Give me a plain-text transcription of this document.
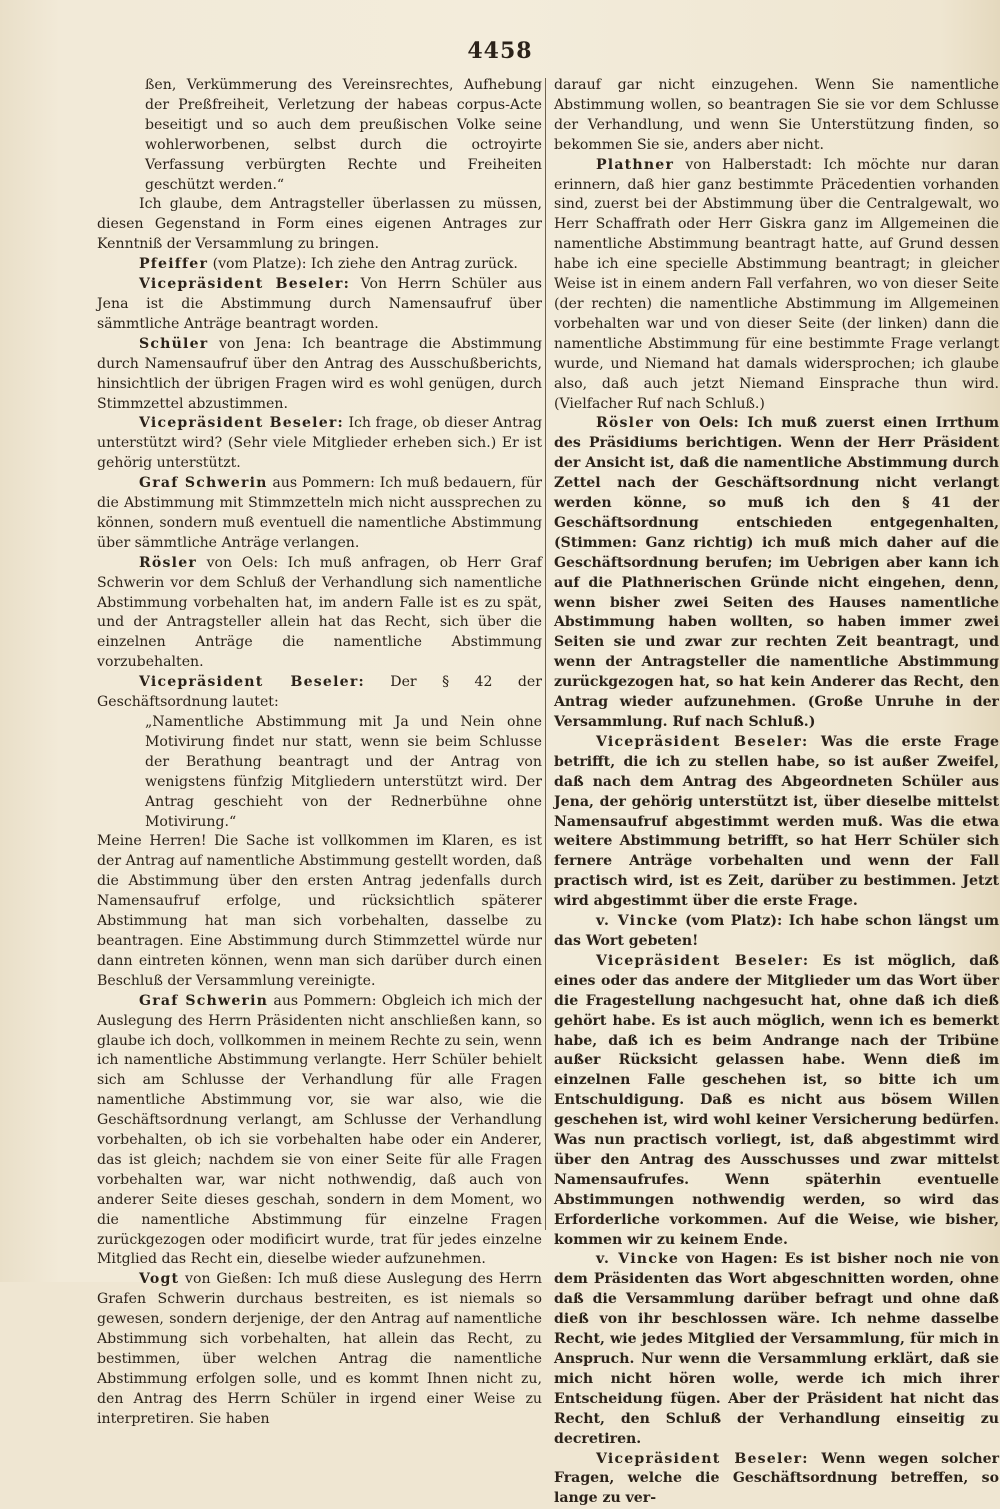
4458

ßen, Verkümmerung des Vereinsrechtes, Aufhebung der Preßfreiheit, Verletzung der habeas corpus-Acte beseitigt und so auch dem preußischen Volke seine wohlerworbenen, selbst durch die octroyirte Verfassung verbürgten Rechte und Freiheiten geschützt werden.“

Ich glaube, dem Antragsteller überlassen zu müssen, diesen Gegenstand in Form eines eigenen Antrages zur Kenntniß der Versammlung zu bringen.

Pfeiffer (vom Platze): Ich ziehe den Antrag zurück.

Vicepräsident Beseler: Von Herrn Schüler aus Jena ist die Abstimmung durch Namensaufruf über sämmtliche Anträge beantragt worden.

Schüler von Jena: Ich beantrage die Abstimmung durch Namensaufruf über den Antrag des Ausschußberichts, hinsichtlich der übrigen Fragen wird es wohl genügen, durch Stimmzettel abzustimmen.

Vicepräsident Beseler: Ich frage, ob dieser Antrag unterstützt wird? (Sehr viele Mitglieder erheben sich.) Er ist gehörig unterstützt.

Graf Schwerin aus Pommern: Ich muß bedauern, für die Abstimmung mit Stimmzetteln mich nicht aussprechen zu können, sondern muß eventuell die namentliche Abstimmung über sämmtliche Anträge verlangen.

Rösler von Oels: Ich muß anfragen, ob Herr Graf Schwerin vor dem Schluß der Verhandlung sich namentliche Abstimmung vorbehalten hat, im andern Falle ist es zu spät, und der Antragsteller allein hat das Recht, sich über die einzelnen Anträge die namentliche Abstimmung vorzubehalten.

Vicepräsident Beseler: Der § 42 der Geschäftsordnung lautet:

„Namentliche Abstimmung mit Ja und Nein ohne Motivirung findet nur statt, wenn sie beim Schlusse der Berathung beantragt und der Antrag von wenigstens fünfzig Mitgliedern unterstützt wird. Der Antrag geschieht von der Rednerbühne ohne Motivirung.“

Meine Herren! Die Sache ist vollkommen im Klaren, es ist der Antrag auf namentliche Abstimmung gestellt worden, daß die Abstimmung über den ersten Antrag jedenfalls durch Namensaufruf erfolge, und rücksichtlich späterer Abstimmung hat man sich vorbehalten, dasselbe zu beantragen. Eine Abstimmung durch Stimmzettel würde nur dann eintreten können, wenn man sich darüber durch einen Beschluß der Versammlung vereinigte.

Graf Schwerin aus Pommern: Obgleich ich mich der Auslegung des Herrn Präsidenten nicht anschließen kann, so glaube ich doch, vollkommen in meinem Rechte zu sein, wenn ich namentliche Abstimmung verlangte. Herr Schüler behielt sich am Schlusse der Verhandlung für alle Fragen namentliche Abstimmung vor, sie war also, wie die Geschäftsordnung verlangt, am Schlusse der Verhandlung vorbehalten, ob ich sie vorbehalten habe oder ein Anderer, das ist gleich; nachdem sie von einer Seite für alle Fragen vorbehalten war, war nicht nothwendig, daß auch von anderer Seite dieses geschah, sondern in dem Moment, wo die namentliche Abstimmung für einzelne Fragen zurückgezogen oder modificirt wurde, trat für jedes einzelne Mitglied das Recht ein, dieselbe wieder aufzunehmen.

Vogt von Gießen: Ich muß diese Auslegung des Herrn Grafen Schwerin durchaus bestreiten, es ist niemals so gewesen, sondern derjenige, der den Antrag auf namentliche Abstimmung sich vorbehalten, hat allein das Recht, zu bestimmen, über welchen Antrag die namentliche Abstimmung erfolgen solle, und es kommt Ihnen nicht zu, den Antrag des Herrn Schüler in irgend einer Weise zu interpretiren. Sie haben

darauf gar nicht einzugehen. Wenn Sie namentliche Abstimmung wollen, so beantragen Sie sie vor dem Schlusse der Verhandlung, und wenn Sie Unterstützung finden, so bekommen Sie sie, anders aber nicht.

Plathner von Halberstadt: Ich möchte nur daran erinnern, daß hier ganz bestimmte Präcedentien vorhanden sind, zuerst bei der Abstimmung über die Centralgewalt, wo Herr Schaffrath oder Herr Giskra ganz im Allgemeinen die namentliche Abstimmung beantragt hatte, auf Grund dessen habe ich eine specielle Abstimmung beantragt; in gleicher Weise ist in einem andern Fall verfahren, wo von dieser Seite (der rechten) die namentliche Abstimmung im Allgemeinen vorbehalten war und von dieser Seite (der linken) dann die namentliche Abstimmung für eine bestimmte Frage verlangt wurde, und Niemand hat damals widersprochen; ich glaube also, daß auch jetzt Niemand Einsprache thun wird. (Vielfacher Ruf nach Schluß.)

Rösler von Oels: Ich muß zuerst einen Irrthum des Präsidiums berichtigen. Wenn der Herr Präsident der Ansicht ist, daß die namentliche Abstimmung durch Zettel nach der Geschäftsordnung nicht verlangt werden könne, so muß ich den § 41 der Geschäftsordnung entschieden entgegenhalten, (Stimmen: Ganz richtig) ich muß mich daher auf die Geschäftsordnung berufen; im Uebrigen aber kann ich auf die Plathnerischen Gründe nicht eingehen, denn, wenn bisher zwei Seiten des Hauses namentliche Abstimmung haben wollten, so haben immer zwei Seiten sie und zwar zur rechten Zeit beantragt, und wenn der Antragsteller die namentliche Abstimmung zurückgezogen hat, so hat kein Anderer das Recht, den Antrag wieder aufzunehmen. (Große Unruhe in der Versammlung. Ruf nach Schluß.)

Vicepräsident Beseler: Was die erste Frage betrifft, die ich zu stellen habe, so ist außer Zweifel, daß nach dem Antrag des Abgeordneten Schüler aus Jena, der gehörig unterstützt ist, über dieselbe mittelst Namensaufruf abgestimmt werden muß. Was die etwa weitere Abstimmung betrifft, so hat Herr Schüler sich fernere Anträge vorbehalten und wenn der Fall practisch wird, ist es Zeit, darüber zu bestimmen. Jetzt wird abgestimmt über die erste Frage.

v. Vincke (vom Platz): Ich habe schon längst um das Wort gebeten!

Vicepräsident Beseler: Es ist möglich, daß eines oder das andere der Mitglieder um das Wort über die Fragestellung nachgesucht hat, ohne daß ich dieß gehört habe. Es ist auch möglich, wenn ich es bemerkt habe, daß ich es beim Andrange nach der Tribüne außer Rücksicht gelassen habe. Wenn dieß im einzelnen Falle geschehen ist, so bitte ich um Entschuldigung. Daß es nicht aus bösem Willen geschehen ist, wird wohl keiner Versicherung bedürfen. Was nun practisch vorliegt, ist, daß abgestimmt wird über den Antrag des Ausschusses und zwar mittelst Namensaufrufes. Wenn späterhin eventuelle Abstimmungen nothwendig werden, so wird das Erforderliche vorkommen. Auf die Weise, wie bisher, kommen wir zu keinem Ende.

v. Vincke von Hagen: Es ist bisher noch nie von dem Präsidenten das Wort abgeschnitten worden, ohne daß die Versammlung darüber befragt und ohne daß dieß von ihr beschlossen wäre. Ich nehme dasselbe Recht, wie jedes Mitglied der Versammlung, für mich in Anspruch. Nur wenn die Versammlung erklärt, daß sie mich nicht hören wolle, werde ich mich ihrer Entscheidung fügen. Aber der Präsident hat nicht das Recht, den Schluß der Verhandlung einseitig zu decretiren.

Vicepräsident Beseler: Wenn wegen solcher Fragen, welche die Geschäftsordnung betreffen, so lange zu ver-
